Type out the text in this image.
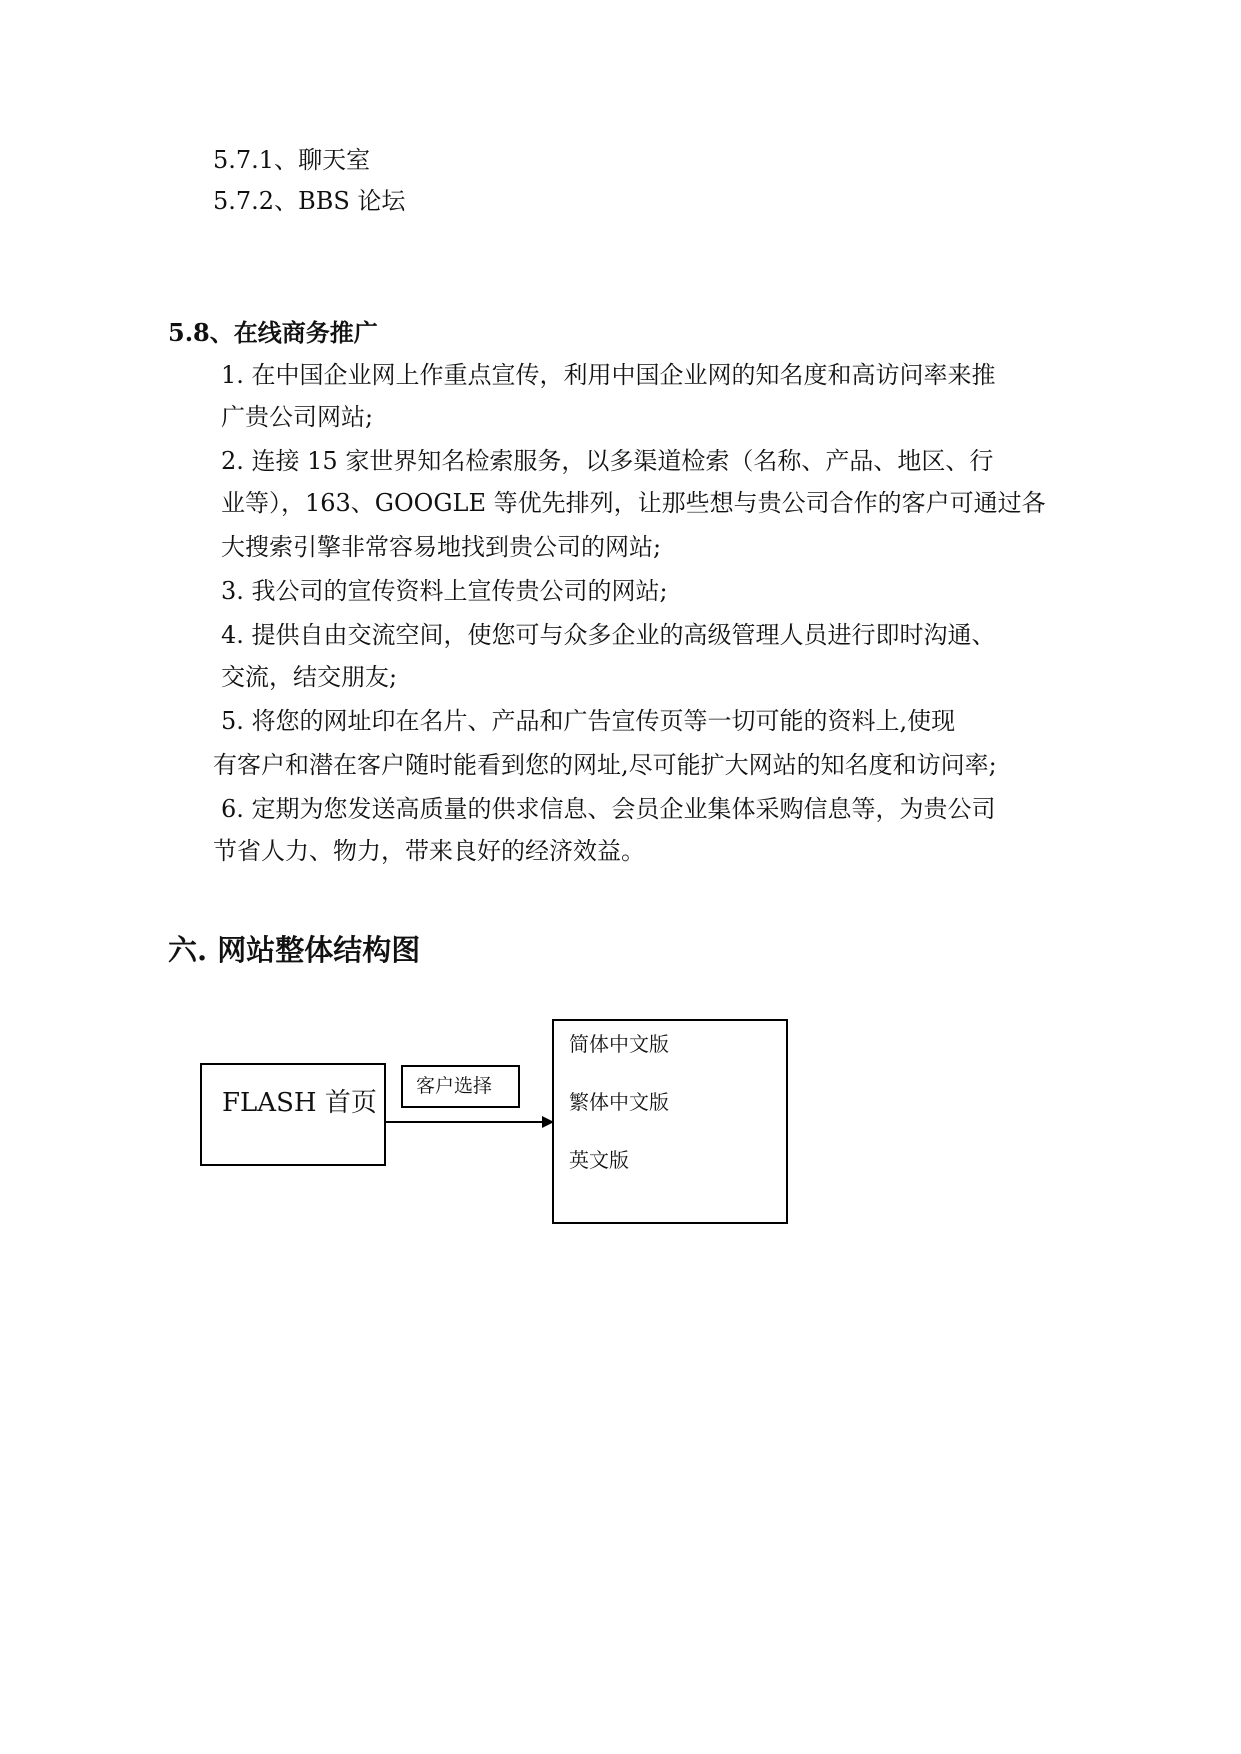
5.7.1、聊天室
5.7.2、BBS 论坛
5.8、在线商务推广
1. 在中国企业网上作重点宣传，利用中国企业网的知名度和高访问率来推
广贵公司网站;
2. 连接 15 家世界知名检索服务，以多渠道检索（名称、产品、地区、行
业等），163、GOOGLE 等优先排列，让那些想与贵公司合作的客户可通过各
大搜索引擎非常容易地找到贵公司的网站;
3. 我公司的宣传资料上宣传贵公司的网站;
4. 提供自由交流空间，使您可与众多企业的高级管理人员进行即时沟通、
交流，结交朋友;
5. 将您的网址印在名片、产品和广告宣传页等一切可能的资料上,使现
有客户和潜在客户随时能看到您的网址,尽可能扩大网站的知名度和访问率;
6. 定期为您发送高质量的供求信息、会员企业集体采购信息等，为贵公司
节省人力、物力，带来良好的经济效益。
六. 网站整体结构图
FLASH 首页
客户选择
简体中文版
繁体中文版
英文版
